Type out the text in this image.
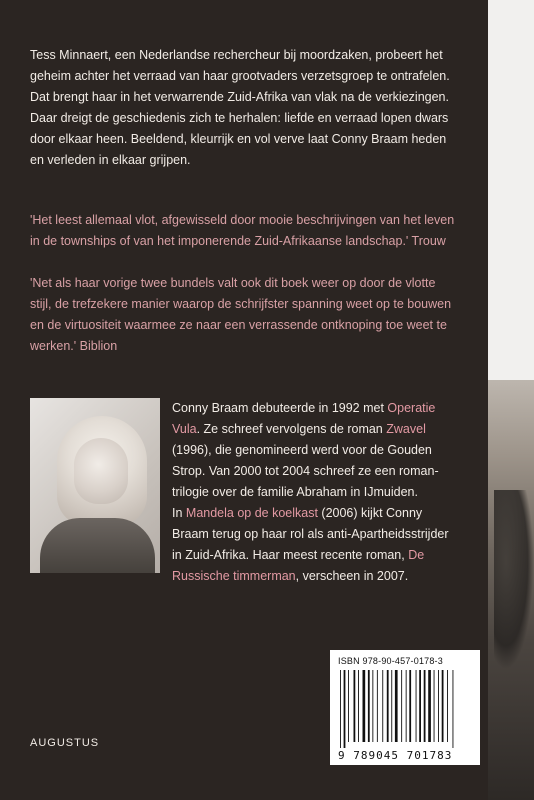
Tess Minnaert, een Nederlandse rechercheur bij moordzaken, probeert het
geheim achter het verraad van haar grootvaders verzetsgroep te ontrafelen.
Dat brengt haar in het verwarrende Zuid-Afrika van vlak na de verkiezingen.
Daar dreigt de geschiedenis zich te herhalen: liefde en verraad lopen dwars
door elkaar heen. Beeldend, kleurrijk en vol verve laat Conny Braam heden
en verleden in elkaar grijpen.
'Het leest allemaal vlot, afgewisseld door mooie beschrijvingen van het leven
in de townships of van het imponerende Zuid-Afrikaanse landschap.' Trouw
'Net als haar vorige twee bundels valt ook dit boek weer op door de vlotte
stijl, de trefzekere manier waarop de schrijfster spanning weet op te bouwen
en de virtuositeit waarmee ze naar een verrassende ontknoping toe weet te
werken.' Biblion
Conny Braam debuteerde in 1992 met Operatie
Vula. Ze schreef vervolgens de roman Zwavel
(1996), die genomineerd werd voor de Gouden
Strop. Van 2000 tot 2004 schreef ze een roman-
trilogie over de familie Abraham in IJmuiden.
In Mandela op de koelkast (2006) kijkt Conny
Braam terug op haar rol als anti-Apartheidsstrijder
in Zuid-Afrika. Haar meest recente roman, De
Russische timmerman, verscheen in 2007.
ISBN 978-90-457-0178-3
9 789045 701783
AUGUSTUS
